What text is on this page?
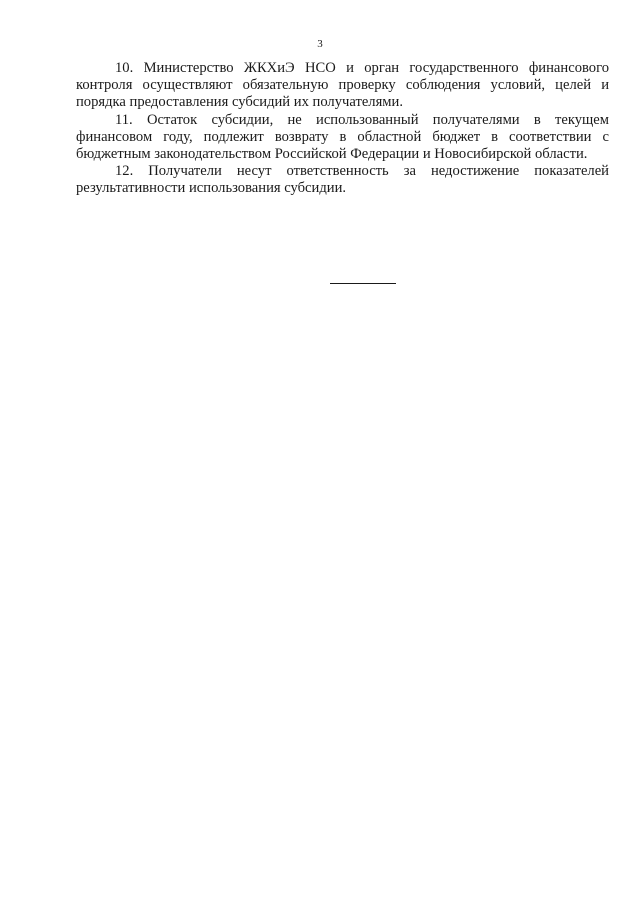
3

10. Министерство ЖКХиЭ НСО и орган государственного финансового контроля осуществляют обязательную проверку соблюдения условий, целей и порядка предоставления субсидий их получателями.

11. Остаток субсидии, не использованный получателями в текущем финансовом году, подлежит возврату в областной бюджет в соответствии с бюджетным законодательством Российской Федерации и Новосибирской области.

12. Получатели несут ответственность за недостижение показателей результативности использования субсидии.
